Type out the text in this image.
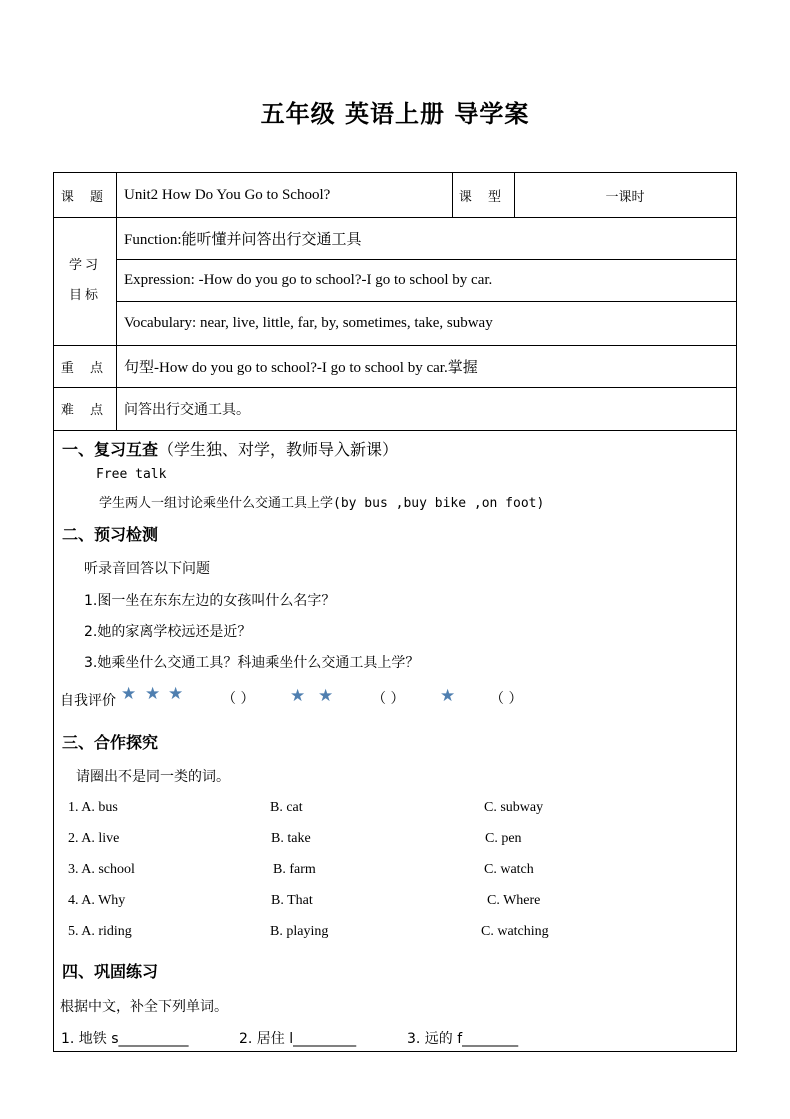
五年级 英语上册 导学案
课 题 Unit2 How Do You Go to School?	课 型	一课时
学习
目标
Function:能听懂并问答出行交通工具
Expression: -How do you go to school?-I go to school by car.
Vocabulary: near, live, little, far, by, sometimes, take, subway
重 点 句型-How do you go to school?-I go to school by car.掌握
难 点	问答出行交通工具。
一、复习互查（学生独、对学，教师导入新课）
Free talk
学生两人一组讨论乘坐什么交通工具上学(by bus ,buy bike ,on foot)
二、预习检测
听录音回答以下问题
1.图一坐在东东左边的女孩叫什么名字？
2.她的家离学校远还是近？
3.她乘坐什么交通工具？科迪乘坐什么交通工具上学？
自我评价 ★ ★ ★	（ ） ★ ★	（ ） ★ （ ）
三、合作探究
请圈出不是同一类的词。
1. A. bus	B. cat	C. subway
2. A. live	B. take	C. pen
3. A. school	B. farm	C. watch
4. A. Why	B. That	C. Where
5. A. riding	B. playing	C. watching
四、巩固练习
根据中文，补全下列单词。
1. 地铁 s__________	2. 居住 l_________	3. 远的 f________
